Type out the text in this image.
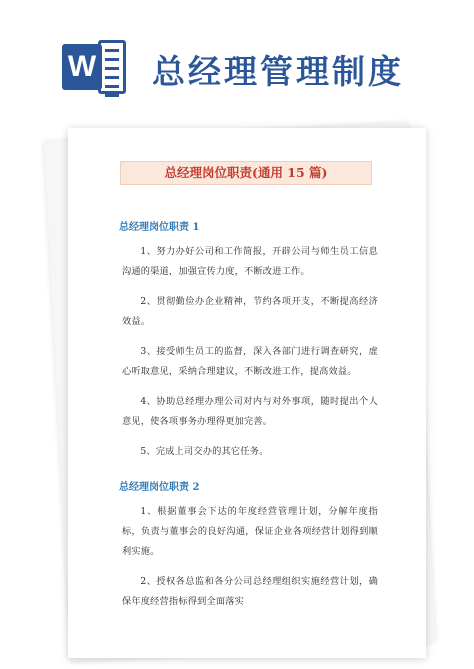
W 总经理管理制度
总经理岗位职责(通用 15 篇)
总经理岗位职责 1
1、努力办好公司和工作简报，开辟公司与师生员工信息沟通的渠道，加强宣传力度，不断改进工作。
2、贯彻勤俭办企业精神，节约各项开支，不断提高经济效益。
3、接受师生员工的监督，深入各部门进行调查研究，虚心听取意见，采纳合理建议，不断改进工作，提高效益。
4、协助总经理办理公司对内与对外事项，随时提出个人意见，使各项事务办理得更加完善。
5、完成上司交办的其它任务。
总经理岗位职责 2
1、根据董事会下达的年度经营管理计划，分解年度指标，负责与董事会的良好沟通，保证企业各项经营计划得到顺利实施。
2、授权各总监和各分公司总经理组织实施经营计划，确保年度经营指标得到全面落实
